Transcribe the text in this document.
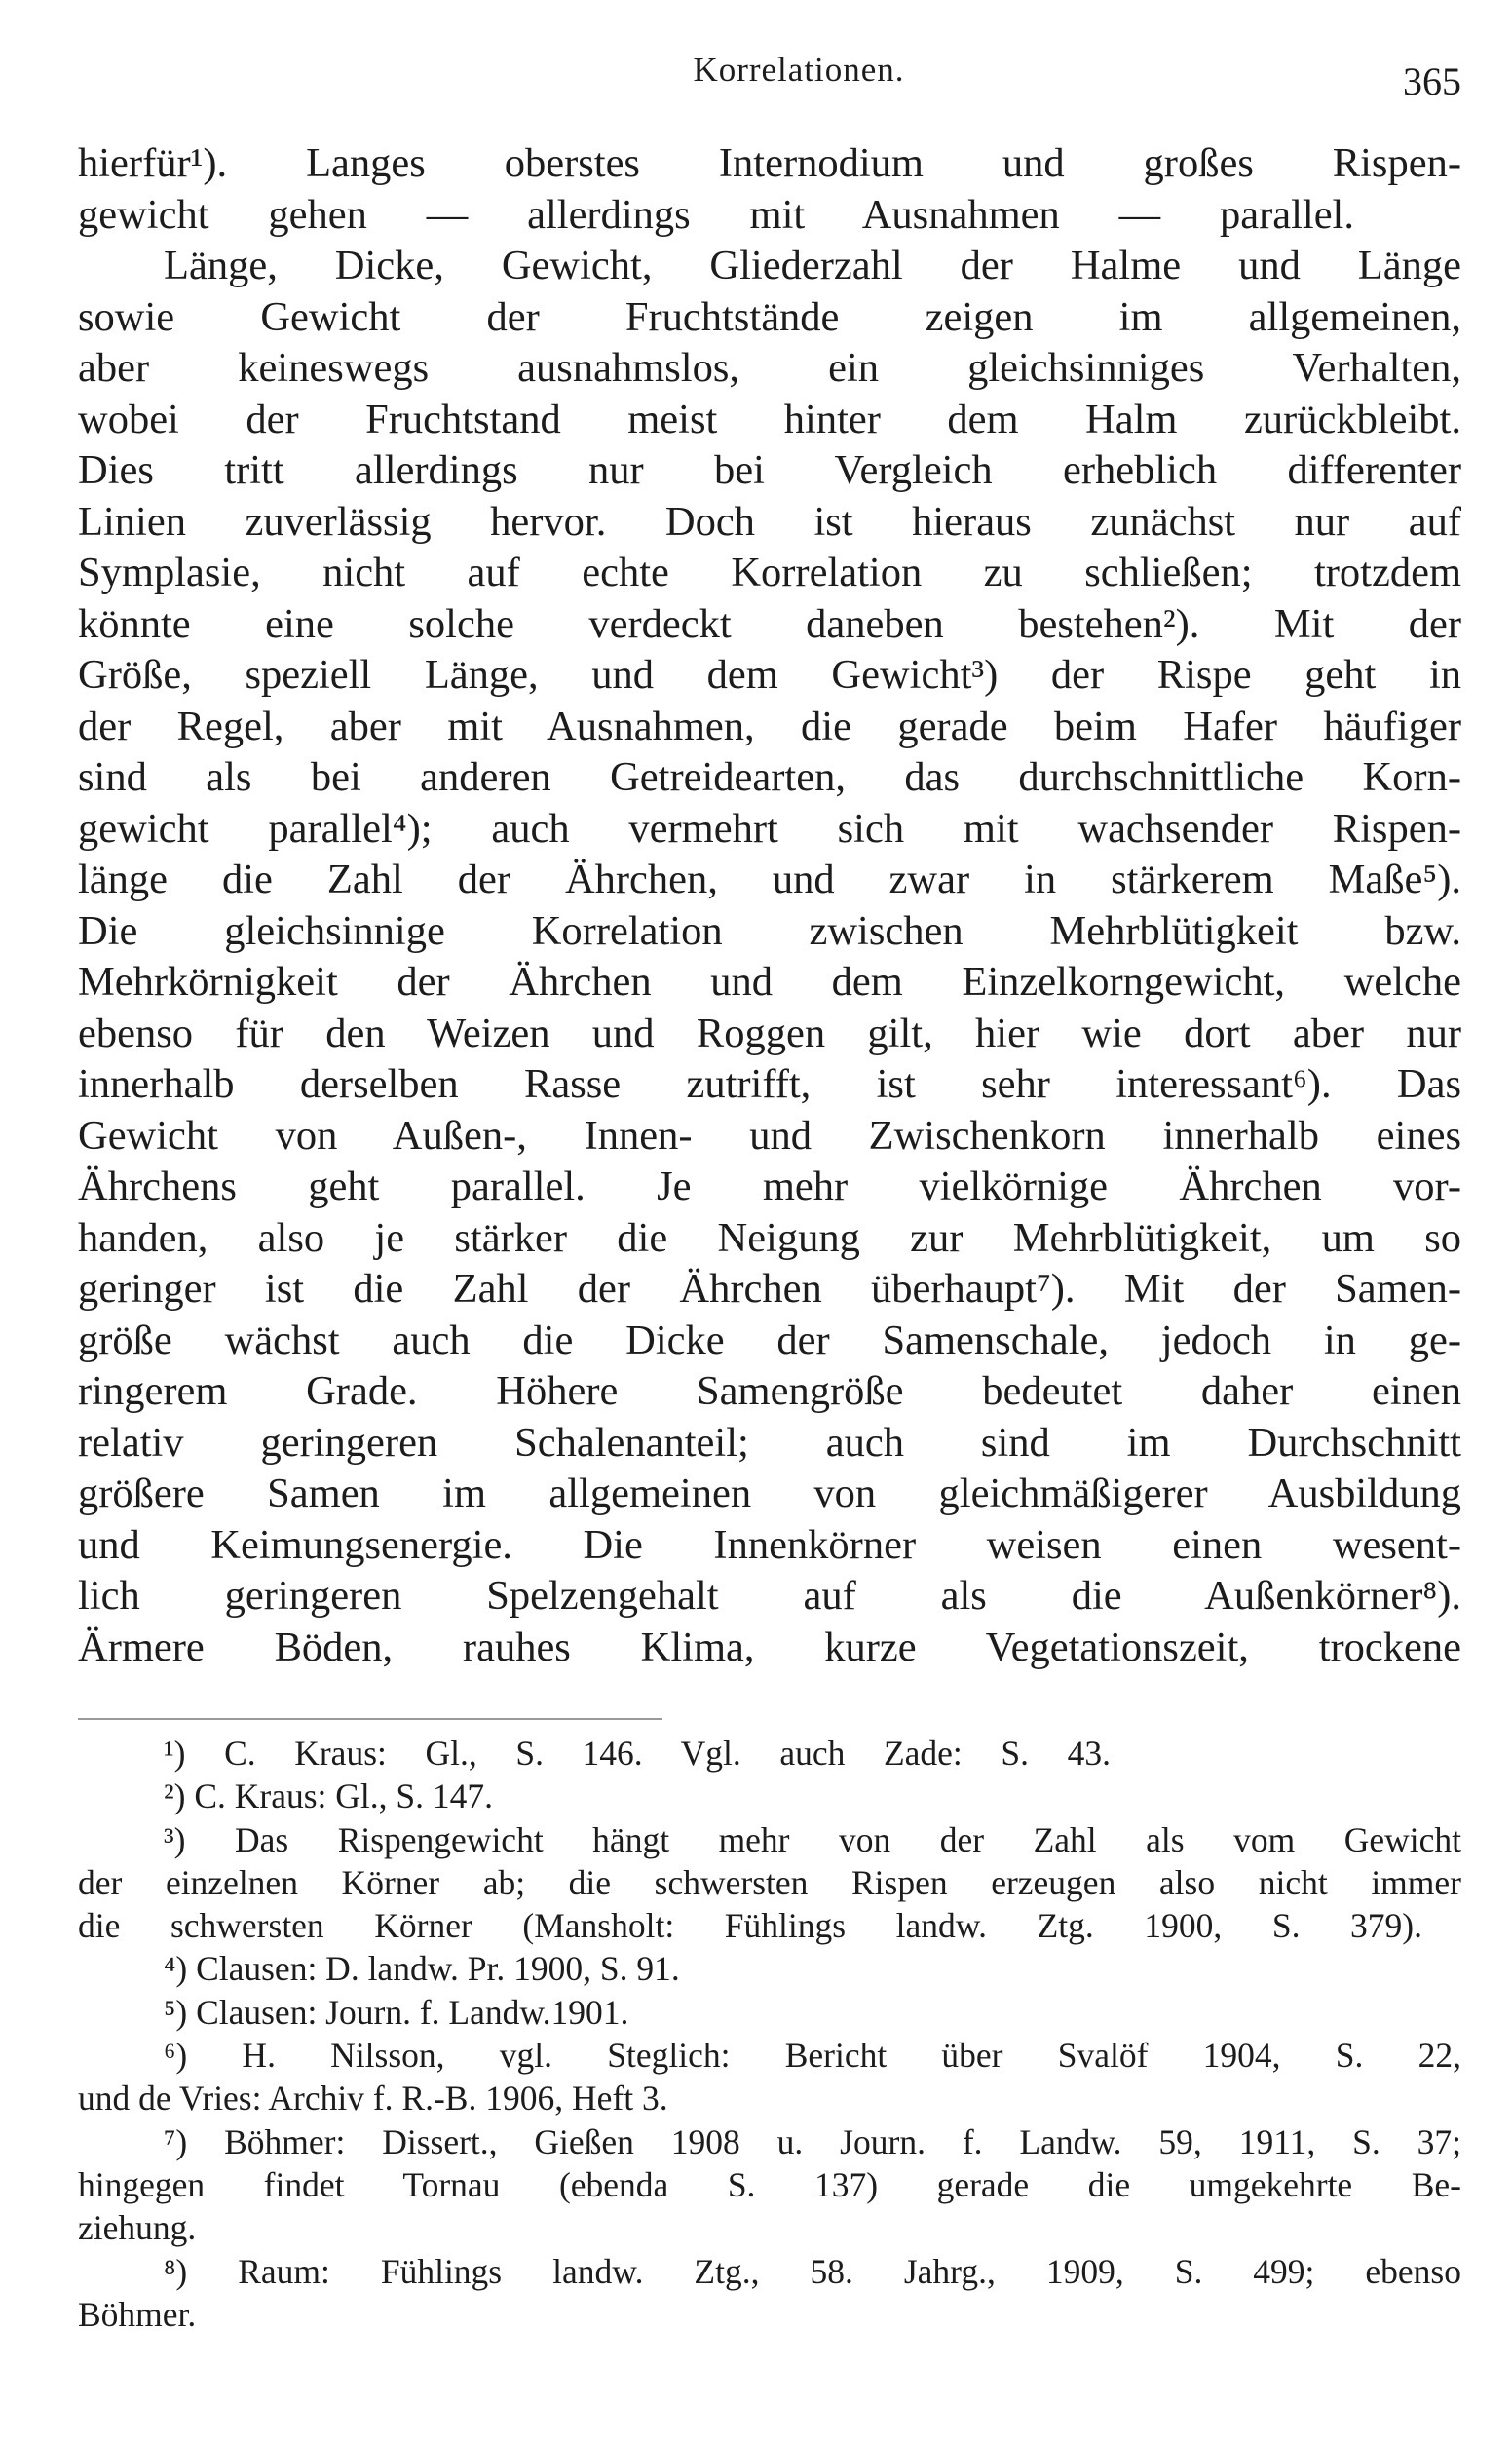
Korrelationen.	365
hierfür¹). Langes oberstes Internodium und großes Rispen-
gewicht gehen — allerdings mit Ausnahmen — parallel.
Länge, Dicke, Gewicht, Gliederzahl der Halme und Länge
sowie Gewicht der Fruchtstände zeigen im allgemeinen,
aber keineswegs ausnahmslos, ein gleichsinniges Verhalten,
wobei der Fruchtstand meist hinter dem Halm zurückbleibt.
Dies tritt allerdings nur bei Vergleich erheblich differenter
Linien zuverlässig hervor. Doch ist hieraus zunächst nur auf
Symplasie, nicht auf echte Korrelation zu schließen; trotzdem
könnte eine solche verdeckt daneben bestehen²). Mit der
Größe, speziell Länge, und dem Gewicht³) der Rispe geht in
der Regel, aber mit Ausnahmen, die gerade beim Hafer häufiger
sind als bei anderen Getreidearten, das durchschnittliche Korn-
gewicht parallel⁴); auch vermehrt sich mit wachsender Rispen-
länge die Zahl der Ährchen, und zwar in stärkerem Maße⁵).
Die gleichsinnige Korrelation zwischen Mehrblütigkeit bzw.
Mehrkörnigkeit der Ährchen und dem Einzelkorngewicht, welche
ebenso für den Weizen und Roggen gilt, hier wie dort aber nur
innerhalb derselben Rasse zutrifft, ist sehr interessant⁶). Das
Gewicht von Außen-, Innen- und Zwischenkorn innerhalb eines
Ährchens geht parallel. Je mehr vielkörnige Ährchen vor-
handen, also je stärker die Neigung zur Mehrblütigkeit, um so
geringer ist die Zahl der Ährchen überhaupt⁷). Mit der Samen-
größe wächst auch die Dicke der Samenschale, jedoch in ge-
ringerem Grade. Höhere Samengröße bedeutet daher einen
relativ geringeren Schalenanteil; auch sind im Durchschnitt
größere Samen im allgemeinen von gleichmäßigerer Ausbildung
und Keimungsenergie. Die Innenkörner weisen einen wesent-
lich geringeren Spelzengehalt auf als die Außenkörner⁸).
Ärmere Böden, rauhes Klima, kurze Vegetationszeit, trockene
¹) C. Kraus: Gl., S. 146. Vgl. auch Zade: S. 43.
²) C. Kraus: Gl., S. 147.
³) Das Rispengewicht hängt mehr von der Zahl als vom Gewicht
der einzelnen Körner ab; die schwersten Rispen erzeugen also nicht immer
die schwersten Körner (Mansholt: Fühlings landw. Ztg. 1900, S. 379).
⁴) Clausen: D. landw. Pr. 1900, S. 91.
⁵) Clausen: Journ. f. Landw.1901.
⁶) H. Nilsson, vgl. Steglich: Bericht über Svalöf 1904, S. 22,
und de Vries: Archiv f. R.-B. 1906, Heft 3.
⁷) Böhmer: Dissert., Gießen 1908 u. Journ. f. Landw. 59, 1911, S. 37;
hingegen findet Tornau (ebenda S. 137) gerade die umgekehrte Be-
ziehung.
⁸) Raum: Fühlings landw. Ztg., 58. Jahrg., 1909, S. 499; ebenso
Böhmer.
